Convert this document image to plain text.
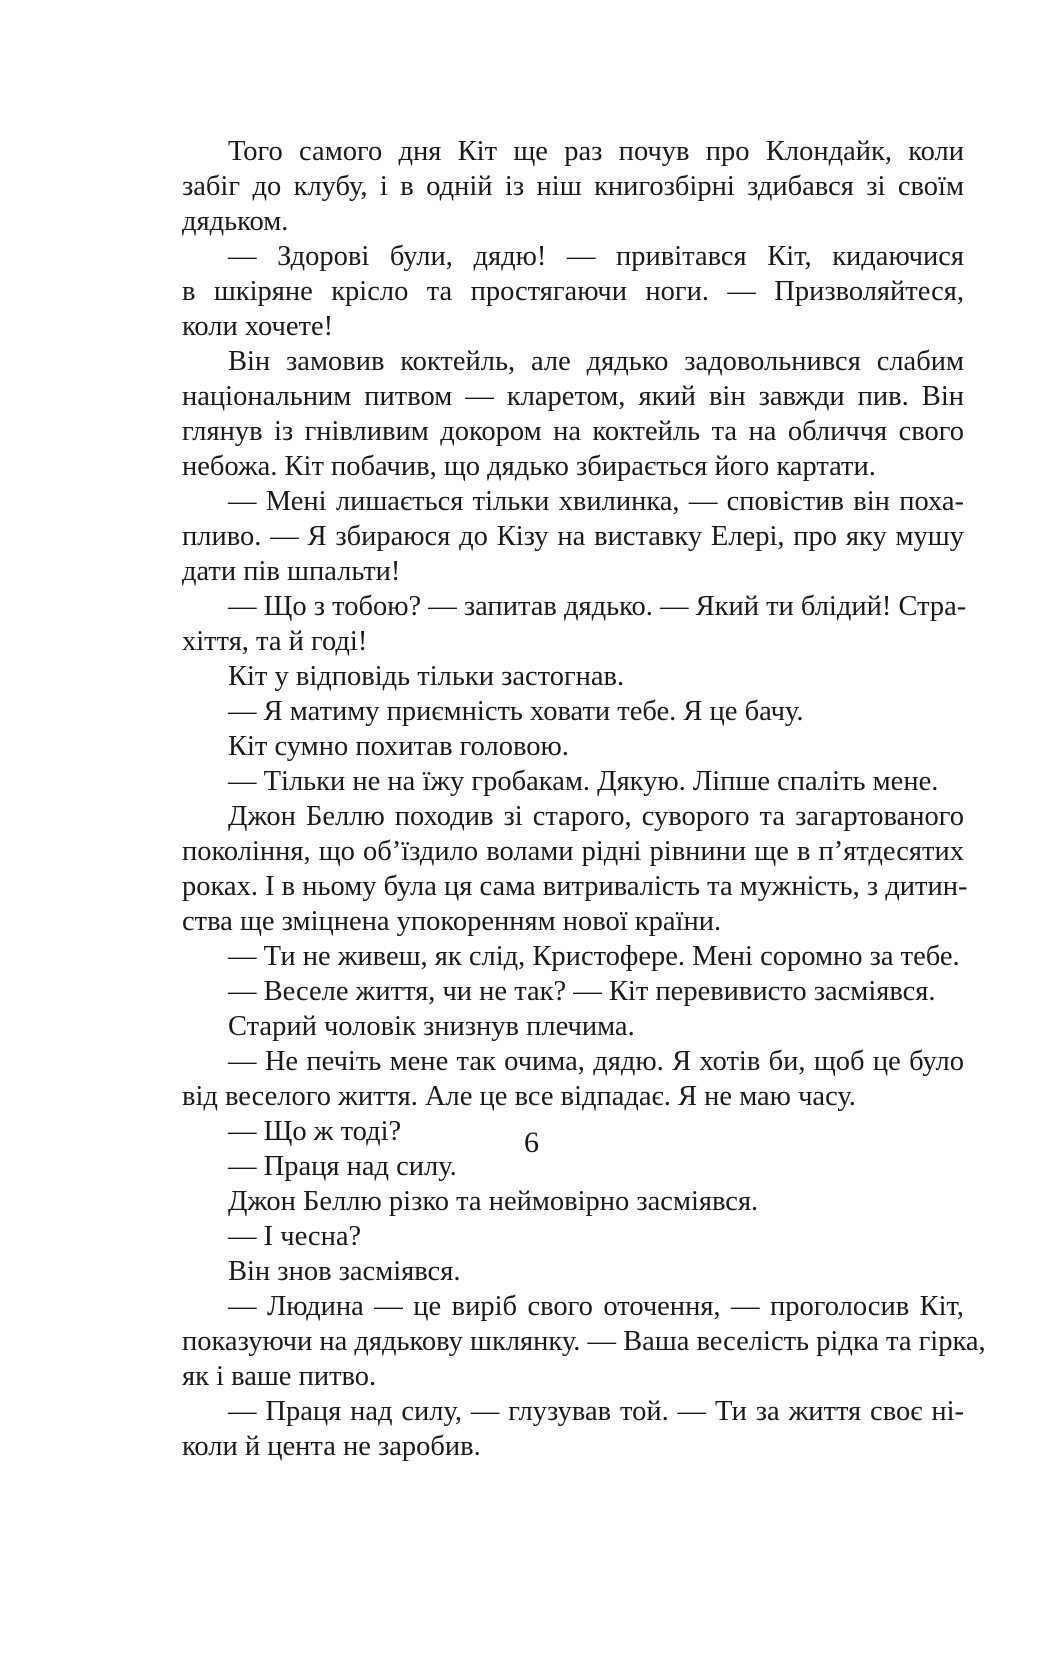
Того самого дня Кіт ще раз почув про Клондайк, коли
забіг до клубу, і в одній із ніш книгозбірні здибався зі своїм
дядьком.
— Здорові були, дядю! — привітався Кіт, кидаючися
в шкіряне крісло та простягаючи ноги. — Призволяйтеся,
коли хочете!
Він замовив коктейль, але дядько задовольнився слабим
національним питвом — кларетом, який він завжди пив. Він
глянув із гнівливим докором на коктейль та на обличчя свого
небожа. Кіт побачив, що дядько збирається його картати.
— Мені лишається тільки хвилинка, — сповістив він поха-
пливо. — Я збираюся до Кізу на виставку Елері, про яку мушу
дати пів шпальти!
— Що з тобою? — запитав дядько. — Який ти блідий! Стра-
хіття, та й годі!
Кіт у відповідь тільки застогнав.
— Я матиму приємність ховати тебе. Я це бачу.
Кіт сумно похитав головою.
— Тільки не на їжу гробакам. Дякую. Ліпше спаліть мене.
Джон Беллю походив зі старого, суворого та загартованого
покоління, що об’їздило волами рідні рівнини ще в п’ятдесятих
роках. І в ньому була ця сама витривалість та мужність, з дитин-
ства ще зміцнена упокоренням нової країни.
— Ти не живеш, як слід, Кристофере. Мені соромно за тебе.
— Веселе життя, чи не так? — Кіт перевивисто засміявся.
Старий чоловік знизнув плечима.
— Не печіть мене так очима, дядю. Я хотів би, щоб це було
від веселого життя. Але це все відпадає. Я не маю часу.
— Що ж тоді?
— Праця над силу.
Джон Беллю різко та неймовірно засміявся.
— І чесна?
Він знов засміявся.
— Людина — це виріб свого оточення, — проголосив Кіт,
показуючи на дядькову шклянку. — Ваша веселість рідка та гірка,
як і ваше питво.
— Праця над силу, — глузував той. — Ти за життя своє ні-
коли й цента не заробив.
6
